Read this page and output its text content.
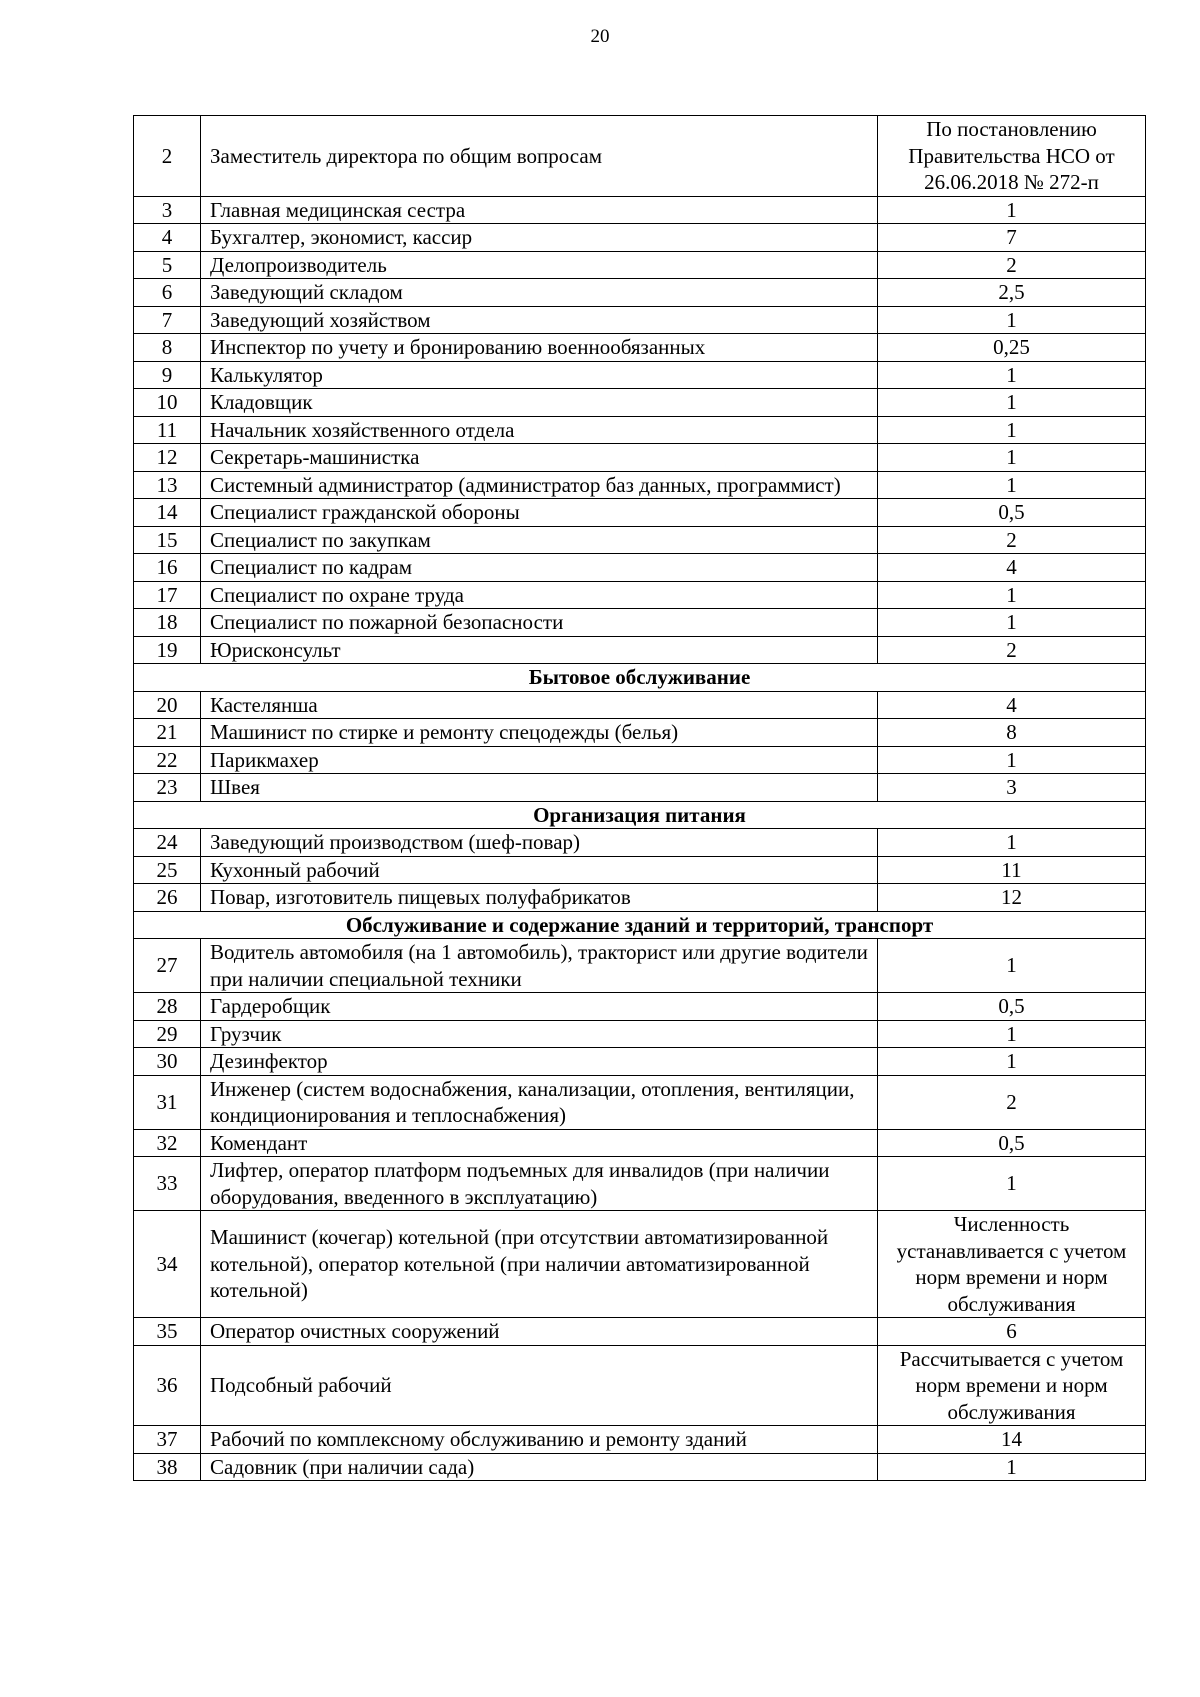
20
2	Заместитель директора по общим вопросам	По постановлению Правительства НСО от 26.06.2018 № 272-п
3	Главная медицинская сестра	1
4	Бухгалтер, экономист, кассир	7
5	Делопроизводитель	2
6	Заведующий складом	2,5
7	Заведующий хозяйством	1
8	Инспектор по учету и бронированию военнообязанных	0,25
9	Калькулятор	1
10	Кладовщик	1
11	Начальник хозяйственного отдела	1
12	Секретарь-машинистка	1
13	Системный администратор (администратор баз данных, программист)	1
14	Специалист гражданской обороны	0,5
15	Специалист по закупкам	2
16	Специалист по кадрам	4
17	Специалист по охране труда	1
18	Специалист по пожарной безопасности	1
19	Юрисконсульт	2
Бытовое обслуживание		
20	Кастелянша	4
21	Машинист по стирке и ремонту спецодежды (белья)	8
22	Парикмахер	1
23	Швея	3
Организация питания		
24	Заведующий производством (шеф-повар)	1
25	Кухонный рабочий	11
26	Повар, изготовитель пищевых полуфабрикатов	12
Обслуживание и содержание зданий и территорий, транспорт		
27	Водитель автомобиля (на 1 автомобиль), тракторист или другие водители при наличии специальной техники	1
28	Гардеробщик	0,5
29	Грузчик	1
30	Дезинфектор	1
31	Инженер (систем водоснабжения, канализации, отопления, вентиляции, кондиционирования и теплоснабжения)	2
32	Комендант	0,5
33	Лифтер, оператор платформ подъемных для инвалидов (при наличии оборудования, введенного в эксплуатацию)	1
34	Машинист (кочегар) котельной (при отсутствии автоматизированной котельной), оператор котельной (при наличии автоматизированной котельной)	Численность устанавливается с учетом норм времени и норм обслуживания
35	Оператор очистных сооружений	6
36	Подсобный рабочий	Рассчитывается с учетом норм времени и норм обслуживания
37	Рабочий по комплексному обслуживанию и ремонту зданий	14
38	Садовник (при наличии сада)	1
